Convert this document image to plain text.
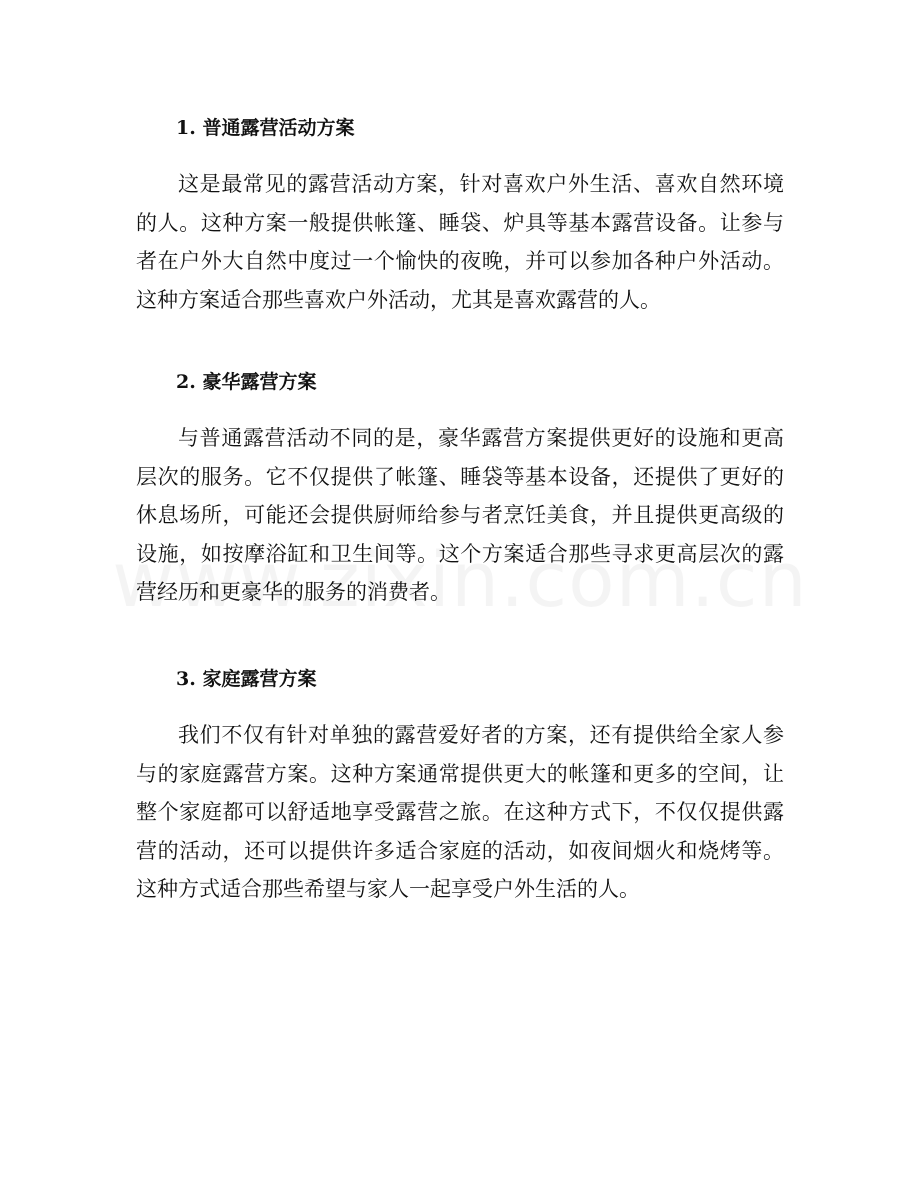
1. 普通露营活动方案

这是最常见的露营活动方案，针对喜欢户外生活、喜欢自然环境的人。这种方案一般提供帐篷、睡袋、炉具等基本露营设备。让参与者在户外大自然中度过一个愉快的夜晚，并可以参加各种户外活动。这种方案适合那些喜欢户外活动，尤其是喜欢露营的人。

2. 豪华露营方案

与普通露营活动不同的是，豪华露营方案提供更好的设施和更高层次的服务。它不仅提供了帐篷、睡袋等基本设备，还提供了更好的休息场所，可能还会提供厨师给参与者烹饪美食，并且提供更高级的设施，如按摩浴缸和卫生间等。这个方案适合那些寻求更高层次的露营经历和更豪华的服务的消费者。

3. 家庭露营方案

我们不仅有针对单独的露营爱好者的方案，还有提供给全家人参与的家庭露营方案。这种方案通常提供更大的帐篷和更多的空间，让整个家庭都可以舒适地享受露营之旅。在这种方式下，不仅仅提供露营的活动，还可以提供许多适合家庭的活动，如夜间烟火和烧烤等。这种方式适合那些希望与家人一起享受户外生活的人。
